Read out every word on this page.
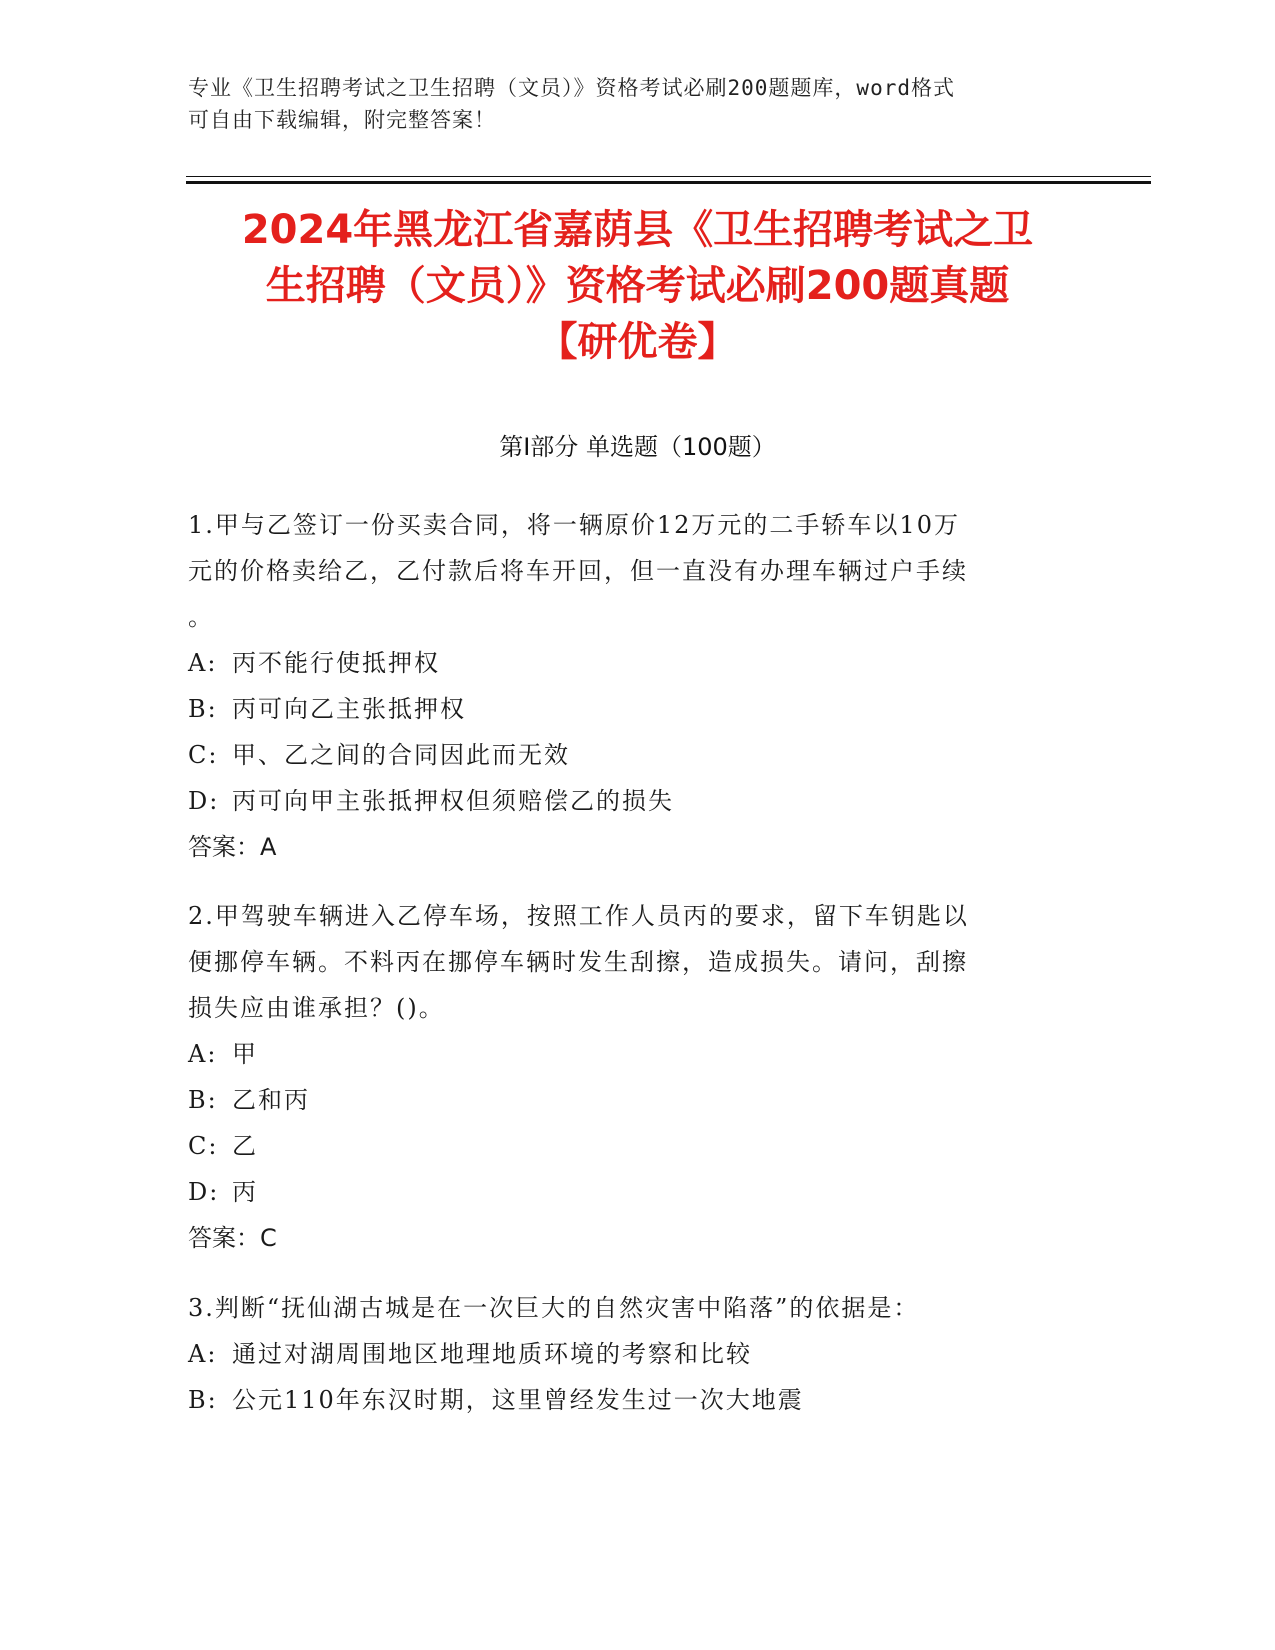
专业《卫生招聘考试之卫生招聘（文员）》资格考试必刷200题题库，word格式
可自由下载编辑，附完整答案！
2024年黑龙江省嘉荫县《卫生招聘考试之卫
生招聘（文员）》资格考试必刷200题真题
【研优卷】
第Ⅰ部分 单选题（100题）
1.甲与乙签订一份买卖合同，将一辆原价12万元的二手轿车以10万
元的价格卖给乙，乙付款后将车开回，但一直没有办理车辆过户手续
。
A: 丙不能行使抵押权
B: 丙可向乙主张抵押权
C: 甲、乙之间的合同因此而无效
D: 丙可向甲主张抵押权但须赔偿乙的损失
答案：A
2.甲驾驶车辆进入乙停车场，按照工作人员丙的要求，留下车钥匙以
便挪停车辆。不料丙在挪停车辆时发生刮擦，造成损失。请问，刮擦
损失应由谁承担？()。
A: 甲
B: 乙和丙
C: 乙
D: 丙
答案：C
3.判断“抚仙湖古城是在一次巨大的自然灾害中陷落”的依据是：
A: 通过对湖周围地区地理地质环境的考察和比较
B: 公元110年东汉时期，这里曾经发生过一次大地震
